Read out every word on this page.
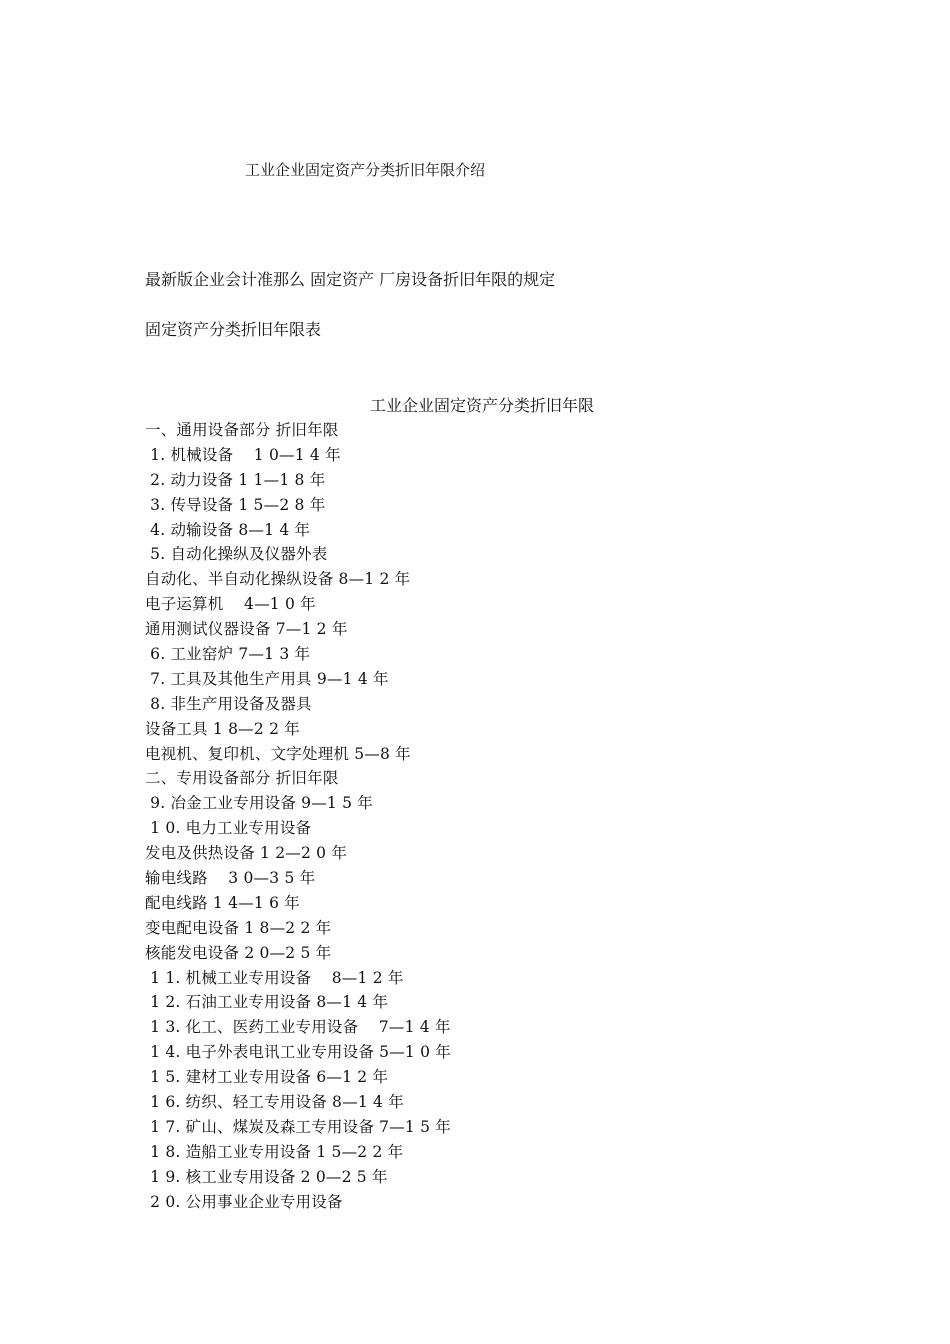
工业企业固定资产分类折旧年限介绍
最新版企业会计准那么 固定资产 厂房设备折旧年限的规定
固定资产分类折旧年限表
工业企业固定资产分类折旧年限
一、通用设备部分 折旧年限
1. 机械设备    1 0—1 4 年
2. 动力设备 1 1—1 8 年
3. 传导设备 1 5—2 8 年
4. 动输设备 8—1 4 年
5. 自动化操纵及仪器外表
自动化、半自动化操纵设备 8—1 2 年
电子运算机    4—1 0 年
通用测试仪器设备 7—1 2 年
6. 工业窑炉 7—1 3 年
7. 工具及其他生产用具 9—1 4 年
8. 非生产用设备及器具
设备工具 1 8—2 2 年
电视机、复印机、文字处理机 5—8 年
二、专用设备部分 折旧年限
9. 冶金工业专用设备 9—1 5 年
1 0. 电力工业专用设备
发电及供热设备 1 2—2 0 年
输电线路    3 0—3 5 年
配电线路 1 4—1 6 年
变电配电设备 1 8—2 2 年
核能发电设备 2 0—2 5 年
1 1. 机械工业专用设备    8—1 2 年
1 2. 石油工业专用设备 8—1 4 年
1 3. 化工、医药工业专用设备    7—1 4 年
1 4. 电子外表电讯工业专用设备 5—1 0 年
1 5. 建材工业专用设备 6—1 2 年
1 6. 纺织、轻工专用设备 8—1 4 年
1 7. 矿山、煤炭及森工专用设备 7—1 5 年
1 8. 造船工业专用设备 1 5—2 2 年
1 9. 核工业专用设备 2 0—2 5 年
2 0. 公用事业企业专用设备
